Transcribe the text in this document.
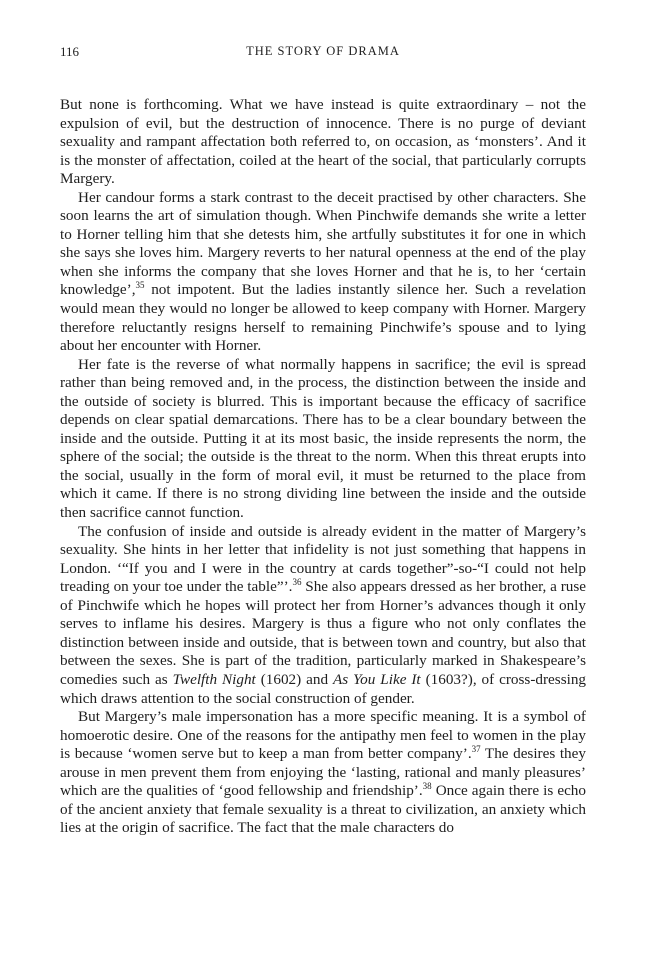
116	THE STORY OF DRAMA

But none is forthcoming. What we have instead is quite extraordinary – not the expulsion of evil, but the destruction of innocence. There is no purge of deviant sexuality and rampant affectation both referred to, on occasion, as ‘monsters’. And it is the monster of affectation, coiled at the heart of the social, that particularly corrupts Margery.

Her candour forms a stark contrast to the deceit practised by other characters. She soon learns the art of simulation though. When Pinchwife demands she write a letter to Horner telling him that she detests him, she artfully substitutes it for one in which she says she loves him. Margery reverts to her natural openness at the end of the play when she informs the company that she loves Horner and that he is, to her ‘certain knowledge’,$^{35}$ not impotent. But the ladies instantly silence her. Such a revelation would mean they would no longer be allowed to keep company with Horner. Margery therefore reluctantly resigns herself to remaining Pinchwife’s spouse and to lying about her encounter with Horner.

Her fate is the reverse of what normally happens in sacrifice; the evil is spread rather than being removed and, in the process, the distinction between the inside and the outside of society is blurred. This is important because the efficacy of sacrifice depends on clear spatial demarcations. There has to be a clear boundary between the inside and the outside. Putting it at its most basic, the inside represents the norm, the sphere of the social; the outside is the threat to the norm. When this threat erupts into the social, usually in the form of moral evil, it must be returned to the place from which it came. If there is no strong dividing line between the inside and the outside then sacrifice cannot function.

The confusion of inside and outside is already evident in the matter of Margery’s sexuality. She hints in her letter that infidelity is not just something that happens in London. ‘“If you and I were in the country at cards together”-so-“I could not help treading on your toe under the table”’.$^{36}$ She also appears dressed as her brother, a ruse of Pinchwife which he hopes will protect her from Horner’s advances though it only serves to inflame his desires. Margery is thus a figure who not only conflates the distinction between inside and outside, that is between town and country, but also that between the sexes. She is part of the tradition, particularly marked in Shakespeare’s comedies such as Twelfth Night (1602) and As You Like It (1603?), of cross-dressing which draws attention to the social construction of gender.

But Margery’s male impersonation has a more specific meaning. It is a symbol of homoerotic desire. One of the reasons for the antipathy men feel to women in the play is because ‘women serve but to keep a man from better company’.$^{37}$ The desires they arouse in men prevent them from enjoying the ‘lasting, rational and manly pleasures’ which are the qualities of ‘good fellowship and friendship’.$^{38}$ Once again there is echo of the ancient anxiety that female sexuality is a threat to civilization, an anxiety which lies at the origin of sacrifice. The fact that the male characters do
